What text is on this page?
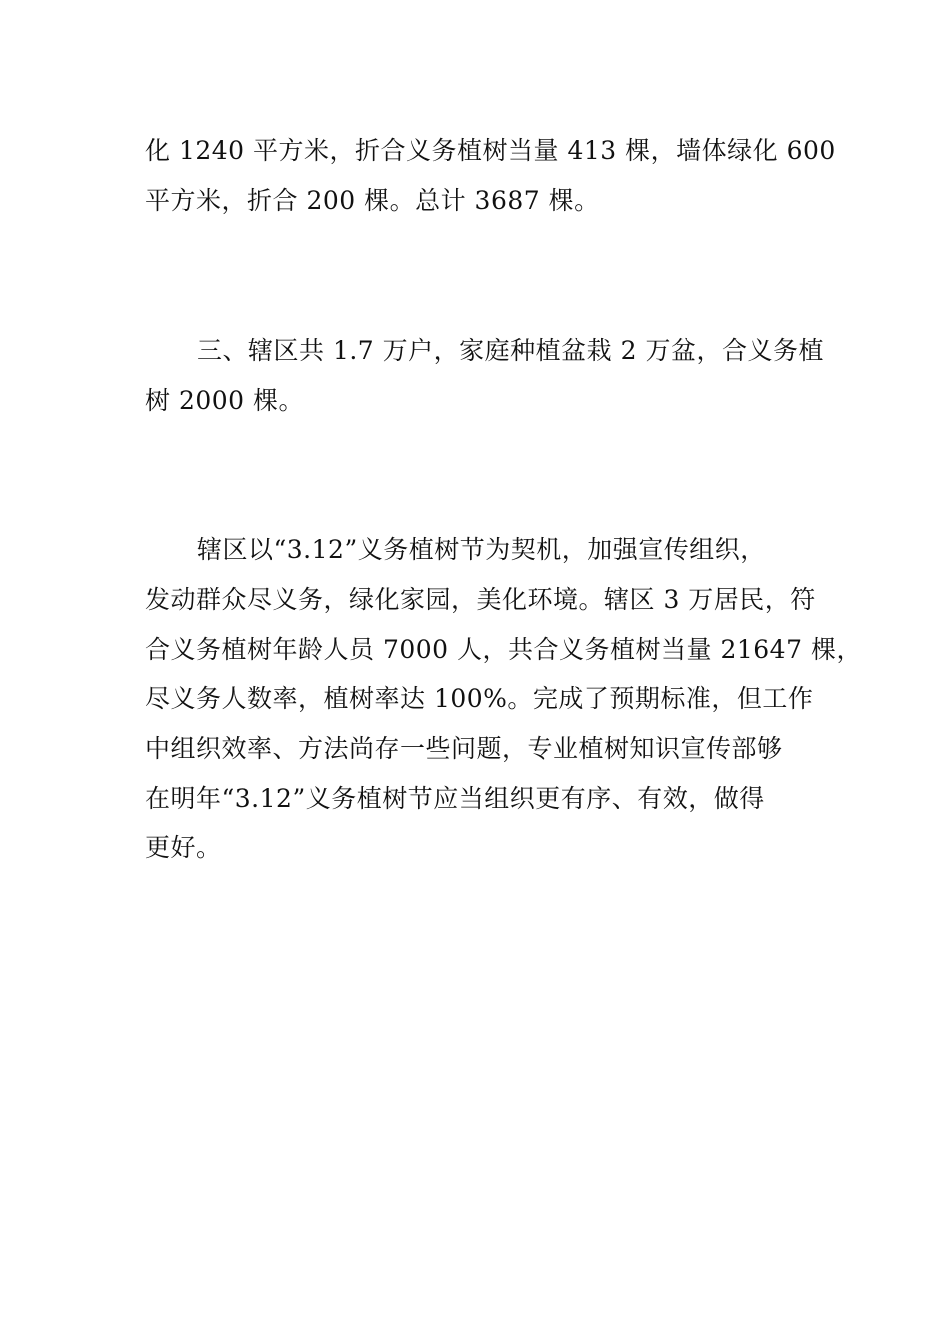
化 1240 平方米，折合义务植树当量 413 棵，墙体绿化 600
平方米，折合 200 棵。总计 3687 棵。
三、辖区共 1.7 万户，家庭种植盆栽 2 万盆，合义务植
树 2000 棵。
辖区以“3.12”义务植树节为契机，加强宣传组织，
发动群众尽义务，绿化家园，美化环境。辖区 3 万居民，符
合义务植树年龄人员 7000 人，共合义务植树当量 21647 棵，
尽义务人数率，植树率达 100%。完成了预期标准，但工作
中组织效率、方法尚存一些问题，专业植树知识宣传部够
在明年“3.12”义务植树节应当组织更有序、有效，做得
更好。
